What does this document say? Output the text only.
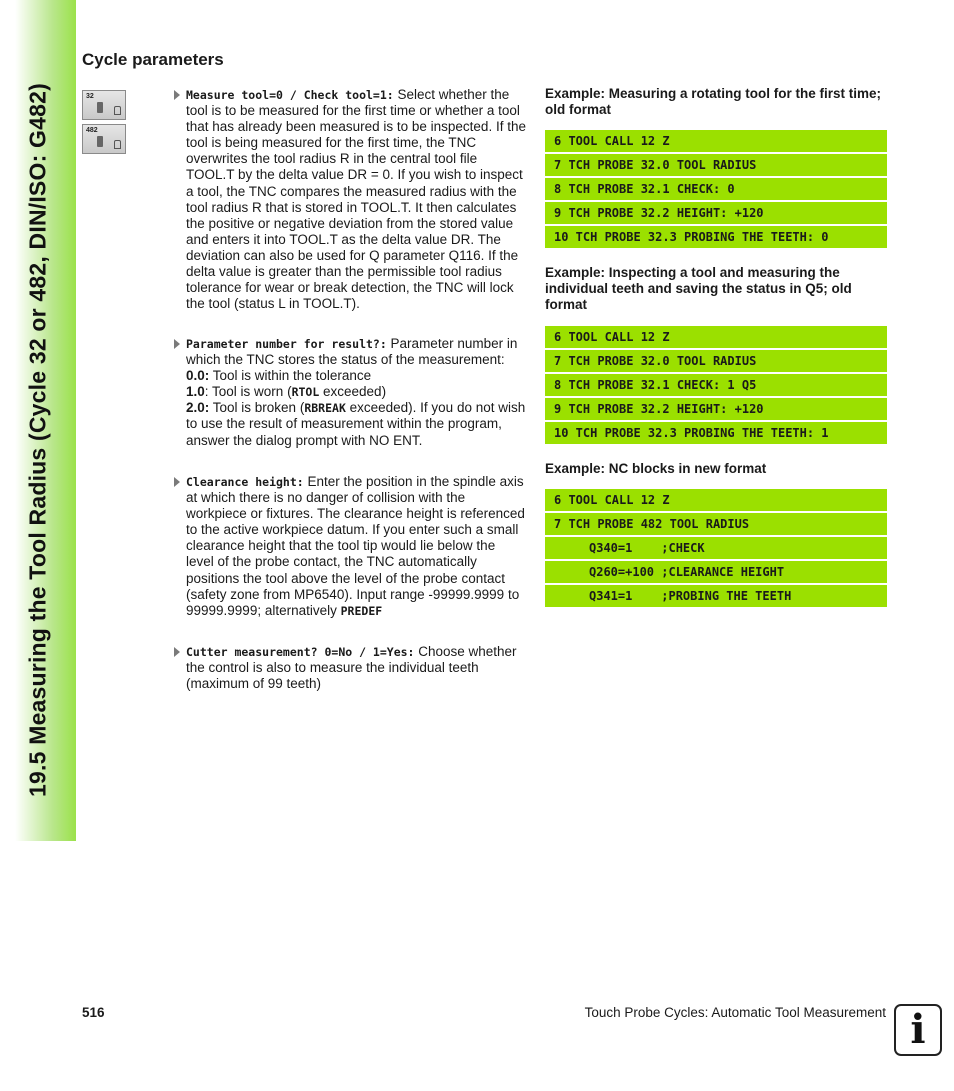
19.5 Measuring the Tool Radius (Cycle 32 or 482, DIN/ISO: G482)
Cycle parameters
32
482

Measure tool=0 / Check tool=1: Select whether the tool is to be measured for the first time or whether a tool that has already been measured is to be inspected. If the tool is being measured for the first time, the TNC overwrites the tool radius R in the central tool file TOOL.T by the delta value DR = 0. If you wish to inspect a tool, the TNC compares the measured radius with the tool radius R that is stored in TOOL.T. It then calculates the positive or negative deviation from the stored value and enters it into TOOL.T as the delta value DR. The deviation can also be used for Q parameter Q116. If the delta value is greater than the permissible tool radius tolerance for wear or break detection, the TNC will lock the tool (status L in TOOL.T).

Parameter number for result?: Parameter number in which the TNC stores the status of the measurement:

0.0: Tool is within the tolerance

1.0: Tool is worn (RTOL exceeded)

2.0: Tool is broken (RBREAK exceeded). If you do not wish to use the result of measurement within the program, answer the dialog prompt with NO ENT.

Clearance height: Enter the position in the spindle axis at which there is no danger of collision with the workpiece or fixtures. The clearance height is referenced to the active workpiece datum. If you enter such a small clearance height that the tool tip would lie below the level of the probe contact, the TNC automatically positions the tool above the level of the probe contact (safety zone from MP6540). Input range -99999.9999 to 99999.9999; alternatively PREDEF

Cutter measurement? 0=No / 1=Yes: Choose whether the control is also to measure the individual teeth (maximum of 99 teeth)

Example: Measuring a rotating tool for the first time; old format

6 TOOL CALL 12 Z
7 TCH PROBE 32.0 TOOL RADIUS
8 TCH PROBE 32.1 CHECK: 0
9 TCH PROBE 32.2 HEIGHT: +120
10 TCH PROBE 32.3 PROBING THE TEETH: 0

Example: Inspecting a tool and measuring the individual teeth and saving the status in Q5; old format

6 TOOL CALL 12 Z
7 TCH PROBE 32.0 TOOL RADIUS
8 TCH PROBE 32.1 CHECK: 1 Q5
9 TCH PROBE 32.2 HEIGHT: +120
10 TCH PROBE 32.3 PROBING THE TEETH: 1

Example: NC blocks in new format

6 TOOL CALL 12 Z
7 TCH PROBE 482 TOOL RADIUS
Q340=1    ;CHECK
Q260=+100 ;CLEARANCE HEIGHT
Q341=1    ;PROBING THE TEETH
516	Touch Probe Cycles: Automatic Tool Measurement i
